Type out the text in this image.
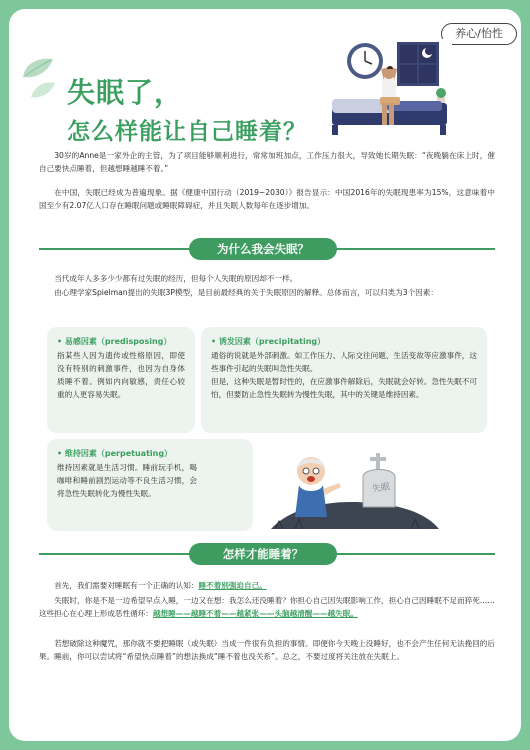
养心/怡性
失眠了，
怎么样能让自己睡着？
30岁的Anne是一家外企的主管，为了项目能够顺利进行，常常加班加点，工作压力很大，导致她长期失眠：“夜晚躺在床上时，催自己要快点睡着，但越想睡越睡不着。”
在中国，失眠已经成为普遍现象。据《健康中国行动（2019~2030）》报告显示：中国2016年的失眠现患率为15%，这意味着中国至少有2.07亿人口存在睡眠问题或睡眠障碍症，并且失眠人数每年在逐步增加。
为什么我会失眠？
当代成年人多多少少都有过失眠的经历，但每个人失眠的原因却不一样。
由心理学家Spielman提出的失眠3P模型，是目前最经典的关于失眠原因的解释。总体而言，可以归类为3个因素：
• 易感因素（predisposing）
指某些人因为遗传或性格原因，即使没有特别的刺激事件，也因为自身体质睡不着。例如内向敏感，责任心较重的人更容易失眠。
• 诱发因素（precipitating）
通俗的说就是外部刺激。如工作压力、人际交往问题、生活变故等应激事件，这些事件引起的失眠叫急性失眠。
但是，这种失眠是暂时性的，在应激事件解除后，失眠就会好转。急性失眠不可怕，但要防止急性失眠转为慢性失眠，其中的关键是维持因素。
• 维持因素（perpetuating）
维持因素就是生活习惯。睡前玩手机，喝咖啡和睡前剧烈运动等不良生活习惯，会将急性失眠转化为慢性失眠。	失眠
怎样才能睡着？
首先，我们需要对睡眠有一个正确的认知：睡不着别强迫自己。
失眠时，你是不是一边希望早点入睡，一边又在想：我怎么还没睡着？你担心自己因失眠影响工作，担心自己因睡眠不足而猝死……这些担心在心理上形成恶性循环：越想睡——越睡不着——越紧张——头脑越清醒——越失眠。
若想破除这种魔咒，那你就不要把睡眠（或失眠）当成一件很有负担的事情。即便你今天晚上没睡好，也不会产生任何无法挽回的后果。睡前，你可以尝试将“希望快点睡着”的想法换成“睡不着也没关系”。总之，不要过度将关注放在失眠上。
